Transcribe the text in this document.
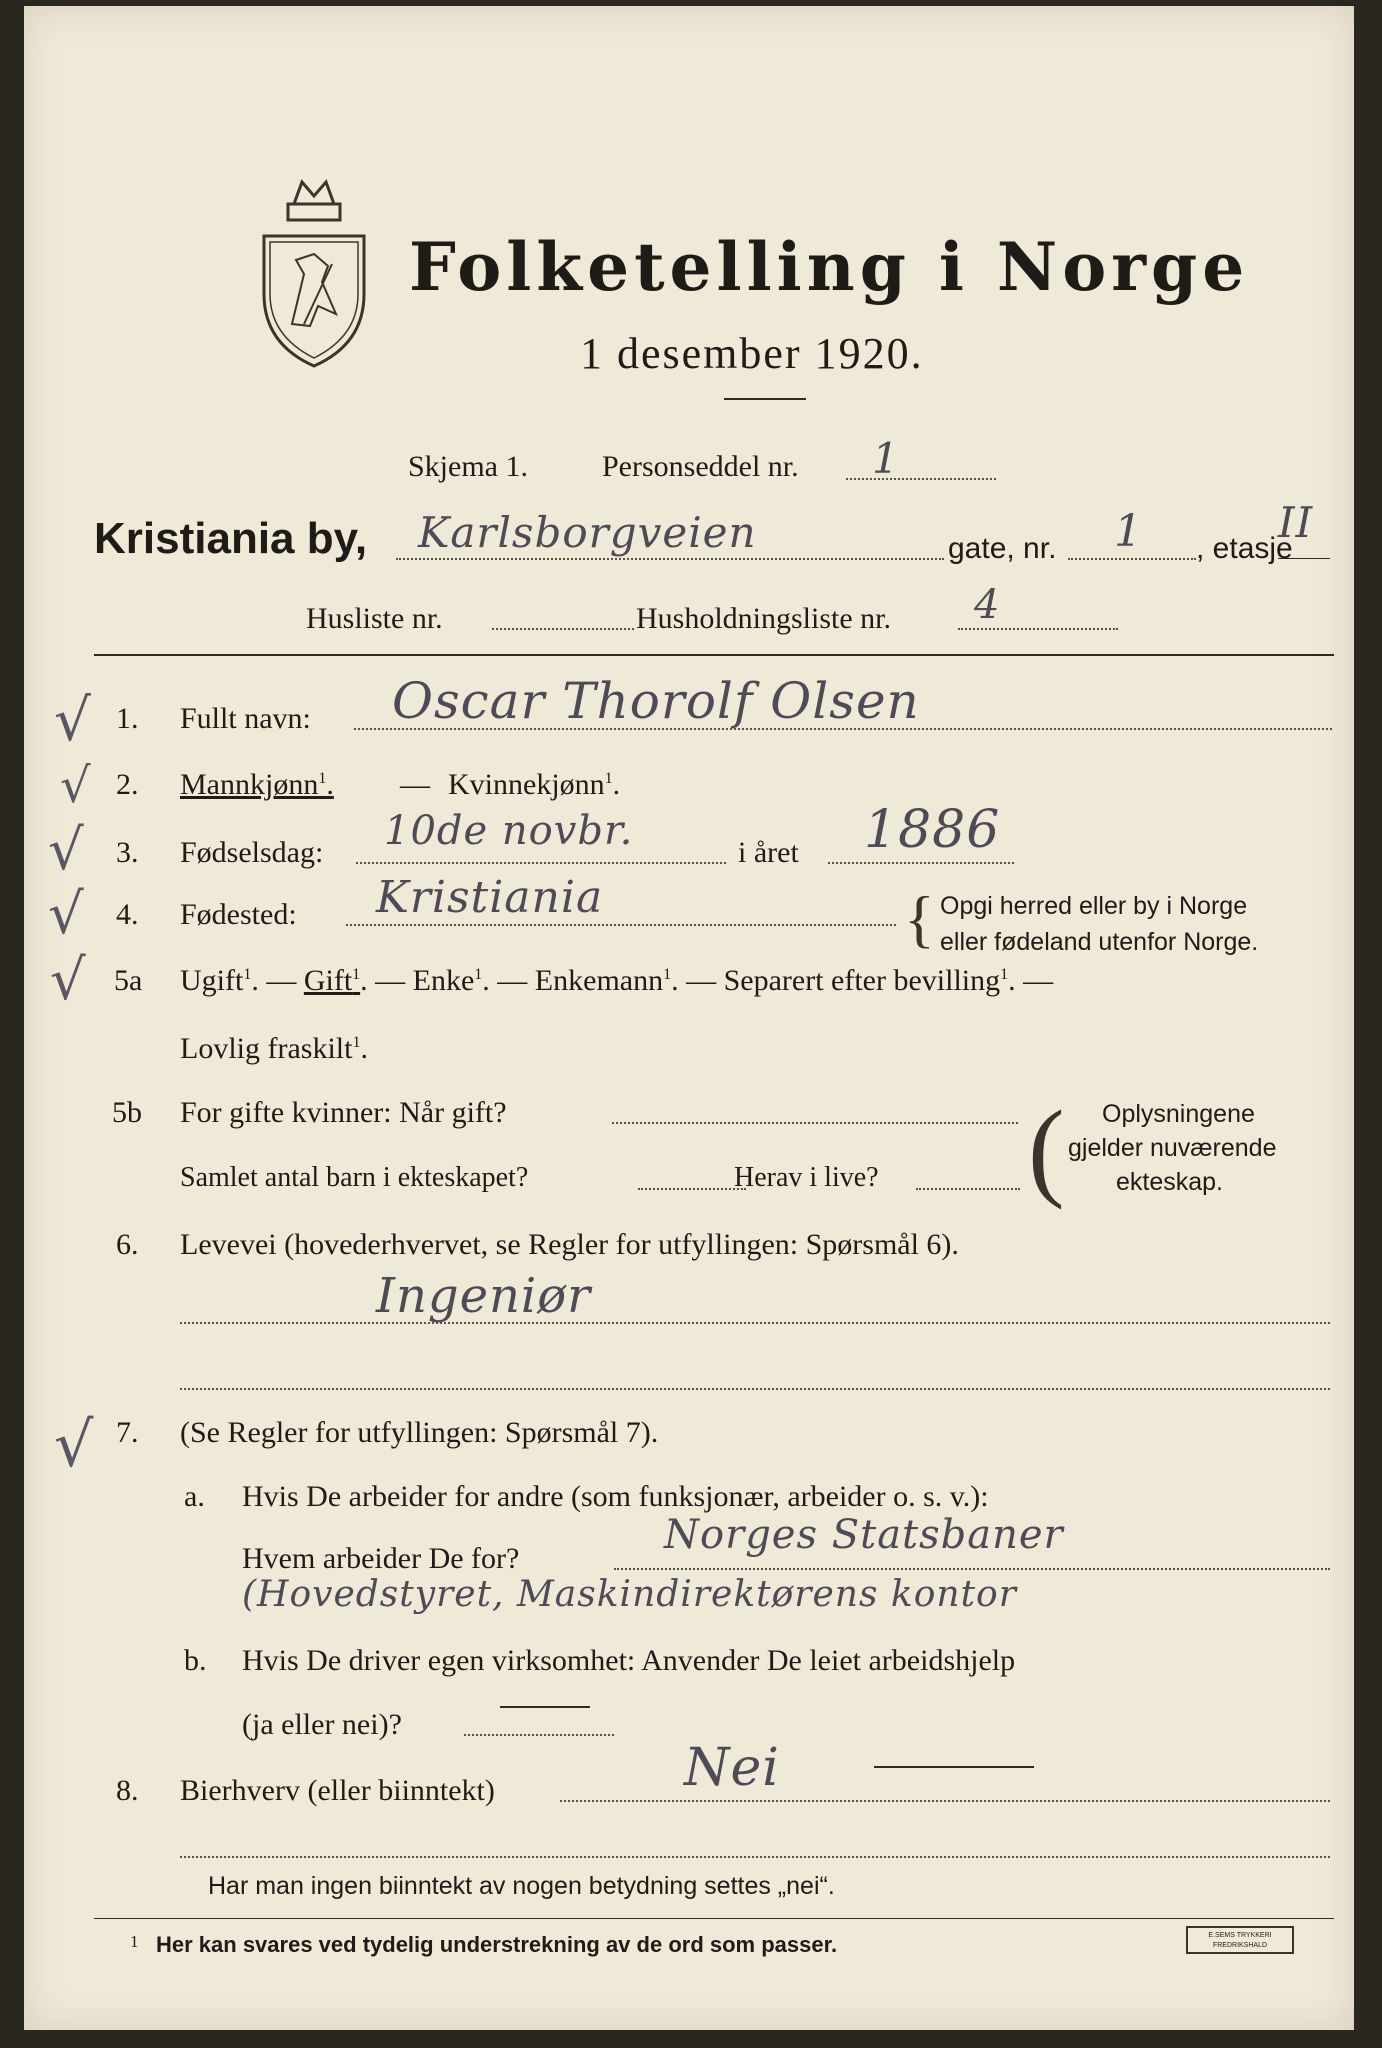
Folketelling i Norge
1 desember 1920.
Skjema 1. Personseddel nr. 1
Kristiania by, Karlsborgveien	gate, nr. 1 , etasje
II
Husliste nr.	Husholdningsliste nr. 4
√
√
√
√
√
√
1. Fullt navn: Oscar Thorolf Olsen
2. Mannkjønn$^1$. — Kvinnekjønn$^1$.
3. Fødselsdag: 10de novbr.	i året 1886
4. Fødested: Kristiania	{ Opgi herred eller by i Norge
eller fødeland utenfor Norge.
5a Ugift$^1$. — Gift$^1$. — Enke$^1$. — Enkemann$^1$. — Separert efter bevilling$^1$. —
Lovlig fraskilt$^1$.
5b For gifte kvinner: Når gift?
Samlet antal barn i ekteskapet?	Herav i live? ( Oplysningene
gjelder nuværende
ekteskap.
6. Levevei (hovederhvervet, se Regler for utfyllingen: Spørsmål 6).
Ingeniør
7. (Se Regler for utfyllingen: Spørsmål 7).
a. Hvis De arbeider for andre (som funksjonær, arbeider o. s. v.):
Hvem arbeider De for?
Norges Statsbaner
(Hovedstyret, Maskindirektørens kontor
b. Hvis De driver egen virksomhet: Anvender De leiet arbeidshjelp
(ja eller nei)?
8. Bierhverv (eller biinntekt)	Nei
Har man ingen biinntekt av nogen betydning settes „nei“.
1 Her kan svares ved tydelig understrekning av de ord som passer.	E.SEMS TRYKKERI FREDRIKSHALD
